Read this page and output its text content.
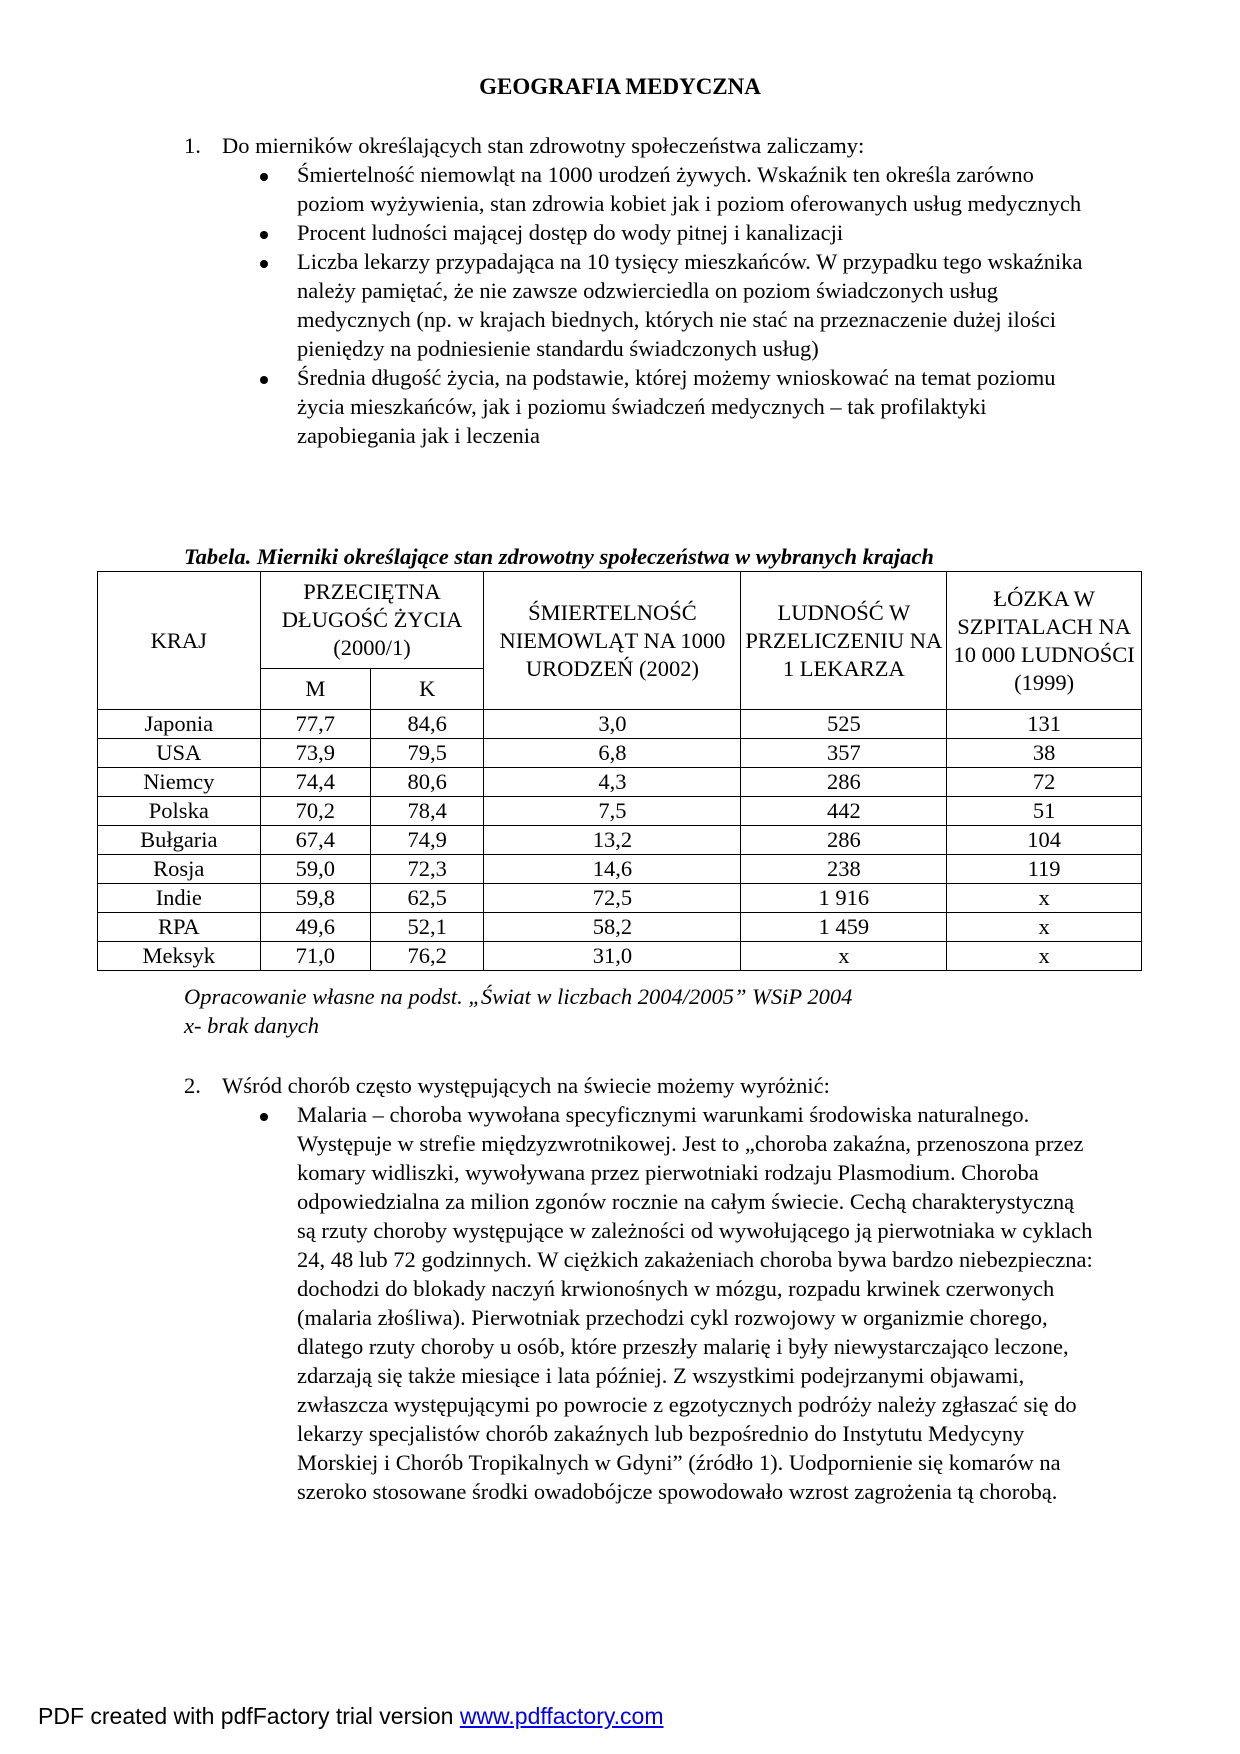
GEOGRAFIA MEDYCZNA
1. Do mierników określających stan zdrowotny społeczeństwa zaliczamy:
Śmiertelność niemowląt na 1000 urodzeń żywych. Wskaźnik ten określa zarówno poziom wyżywienia, stan zdrowia kobiet jak i poziom oferowanych usług medycznych
Procent ludności mającej dostęp do wody pitnej i kanalizacji
Liczba lekarzy przypadająca na 10 tysięcy mieszkańców. W przypadku tego wskaźnika należy pamiętać, że nie zawsze odzwierciedla on poziom świadczonych usług medycznych (np. w krajach biednych, których nie stać na przeznaczenie dużej ilości pieniędzy na podniesienie standardu świadczonych usług)
Średnia długość życia, na podstawie, której możemy wnioskować na temat poziomu życia mieszkańców, jak i poziomu świadczeń medycznych – tak profilaktyki zapobiegania jak i leczenia
Tabela. Mierniki określające stan zdrowotny społeczeństwa w wybranych krajach
KRAJ	PRZECIĘTNA DŁUGOŚĆ ŻYCIA (2000/1)		ŚMIERTELNOŚĆ NIEMOWLĄT NA 1000 URODZEŃ (2002)	LUDNOŚĆ W PRZELICZENIU NA 1 LEKARZA	ŁÓZKA W SZPITALACH NA 10 000 LUDNOŚCI (1999)
	M	K			
Japonia	77,7	84,6	3,0	525	131
USA	73,9	79,5	6,8	357	38
Niemcy	74,4	80,6	4,3	286	72
Polska	70,2	78,4	7,5	442	51
Bułgaria	67,4	74,9	13,2	286	104
Rosja	59,0	72,3	14,6	238	119
Indie	59,8	62,5	72,5	1 916	x
RPA	49,6	52,1	58,2	1 459	x
Meksyk	71,0	76,2	31,0	x	x
Opracowanie własne na podst. „Świat w liczbach 2004/2005” WSiP 2004
x- brak danych
2. Wśród chorób często występujących na świecie możemy wyróżnić:
Malaria – choroba wywołana specyficznymi warunkami środowiska naturalnego. Występuje w strefie międzyzwrotnikowej. Jest to „choroba zakaźna, przenoszona przez komary widliszki, wywoływana przez pierwotniaki rodzaju Plasmodium. Choroba odpowiedzialna za milion zgonów rocznie na całym świecie. Cechą charakterystyczną są rzuty choroby występujące w zależności od wywołującego ją pierwotniaka w cyklach 24, 48 lub 72 godzinnych. W ciężkich zakażeniach choroba bywa bardzo niebezpieczna: dochodzi do blokady naczyń krwionośnych w mózgu, rozpadu krwinek czerwonych (malaria złośliwa). Pierwotniak przechodzi cykl rozwojowy w organizmie chorego, dlatego rzuty choroby u osób, które przeszły malarię i były niewystarczająco leczone, zdarzają się także miesiące i lata później. Z wszystkimi podejrzanymi objawami, zwłaszcza występującymi po powrocie z egzotycznych podróży należy zgłaszać się do lekarzy specjalistów chorób zakaźnych lub bezpośrednio do Instytutu Medycyny Morskiej i Chorób Tropikalnych w Gdyni” (źródło 1). Uodpornienie się komarów na szeroko stosowane środki owadobójcze spowodowało wzrost zagrożenia tą chorobą.
PDF created with pdfFactory trial version www.pdffactory.com
